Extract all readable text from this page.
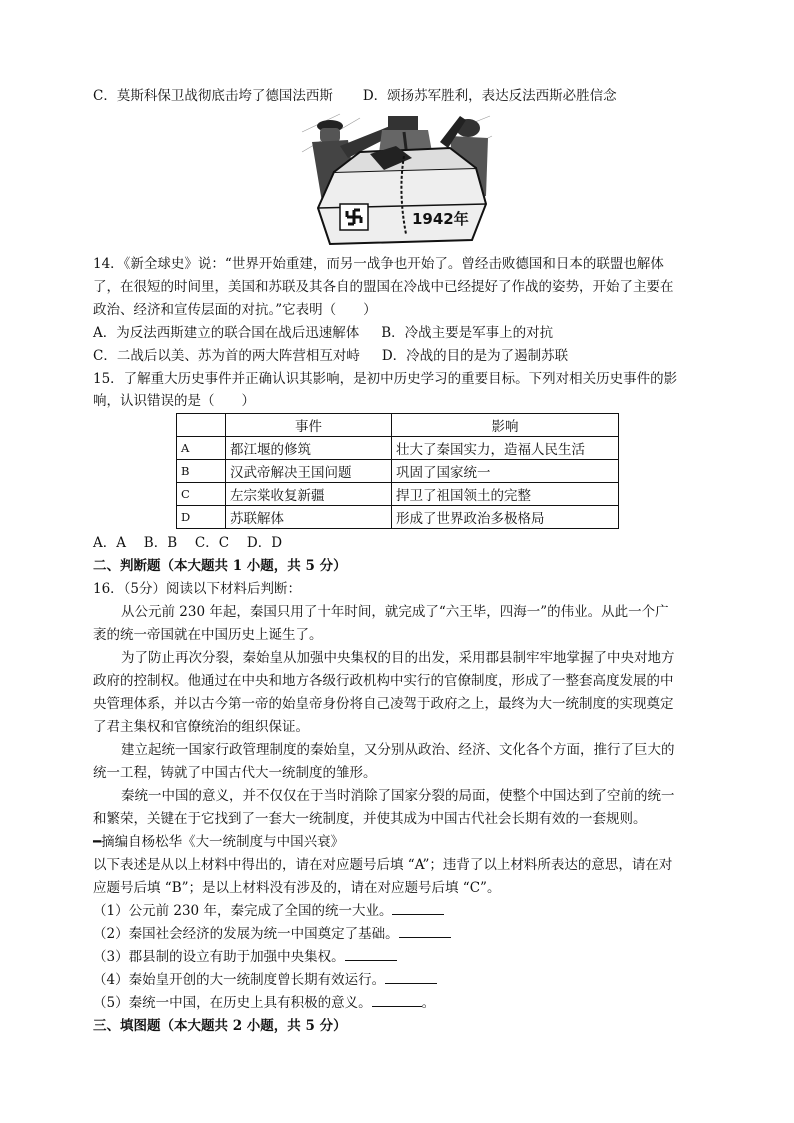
C．莫斯科保卫战彻底击垮了德国法西斯 D．颂扬苏军胜利，表达反法西斯必胜信念
1942年
14．《新全球史》说：“世界开始重建，而另一战争也开始了。曾经击败德国和日本的联盟也解体
了，在很短的时间里，美国和苏联及其各自的盟国在冷战中已经提好了作战的姿势，开始了主要在
政治、经济和宣传层面的对抗。”它表明（　　）
A．为反法西斯建立的联合国在战后迅速解体 B．冷战主要是军事上的对抗
C．二战后以美、苏为首的两大阵营相互对峙 D．冷战的目的是为了遏制苏联
15．了解重大历史事件并正确认识其影响，是初中历史学习的重要目标。下列对相关历史事件的影
响，认识错误的是（　　）
	事件	影响
A	都江堰的修筑	壮大了秦国实力，造福人民生活
B	汉武帝解决王国问题	巩固了国家统一
C	左宗棠收复新疆	捍卫了祖国领土的完整
D	苏联解体	形成了世界政治多极格局
A．A　 B．B　 C．C　 D．D
二、判断题（本大题共 1 小题，共 5 分）
16．（5分）阅读以下材料后判断：
从公元前 230 年起，秦国只用了十年时间，就完成了“六王毕，四海一”的伟业。从此一个广
袤的统一帝国就在中国历史上诞生了。
为了防止再次分裂，秦始皇从加强中央集权的目的出发，采用郡县制牢牢地掌握了中央对地方
政府的控制权。他通过在中央和地方各级行政机构中实行的官僚制度，形成了一整套高度发展的中
央管理体系，并以古今第一帝的始皇帝身份将自己凌驾于政府之上，最终为大一统制度的实现奠定
了君主集权和官僚统治的组织保证。
建立起统一国家行政管理制度的秦始皇，又分别从政治、经济、文化各个方面，推行了巨大的
统一工程，铸就了中国古代大一统制度的雏形。
秦统一中国的意义，并不仅仅在于当时消除了国家分裂的局面，使整个中国达到了空前的统一
和繁荣，关键在于它找到了一套大一统制度，并使其成为中国古代社会长期有效的一套规则。
━摘编自杨松华《大一统制度与中国兴衰》
以下表述是从以上材料中得出的，请在对应题号后填 “A”；违背了以上材料所表达的意思，请在对
应题号后填 “B”；是以上材料没有涉及的，请在对应题号后填 “C”。
（1）公元前 230 年，秦完成了全国的统一大业。
（2）秦国社会经济的发展为统一中国奠定了基础。
（3）郡县制的设立有助于加强中央集权。
（4）秦始皇开创的大一统制度曾长期有效运行。
（5）秦统一中国，在历史上具有积极的意义。	。
三、填图题（本大题共 2 小题，共 5 分）
